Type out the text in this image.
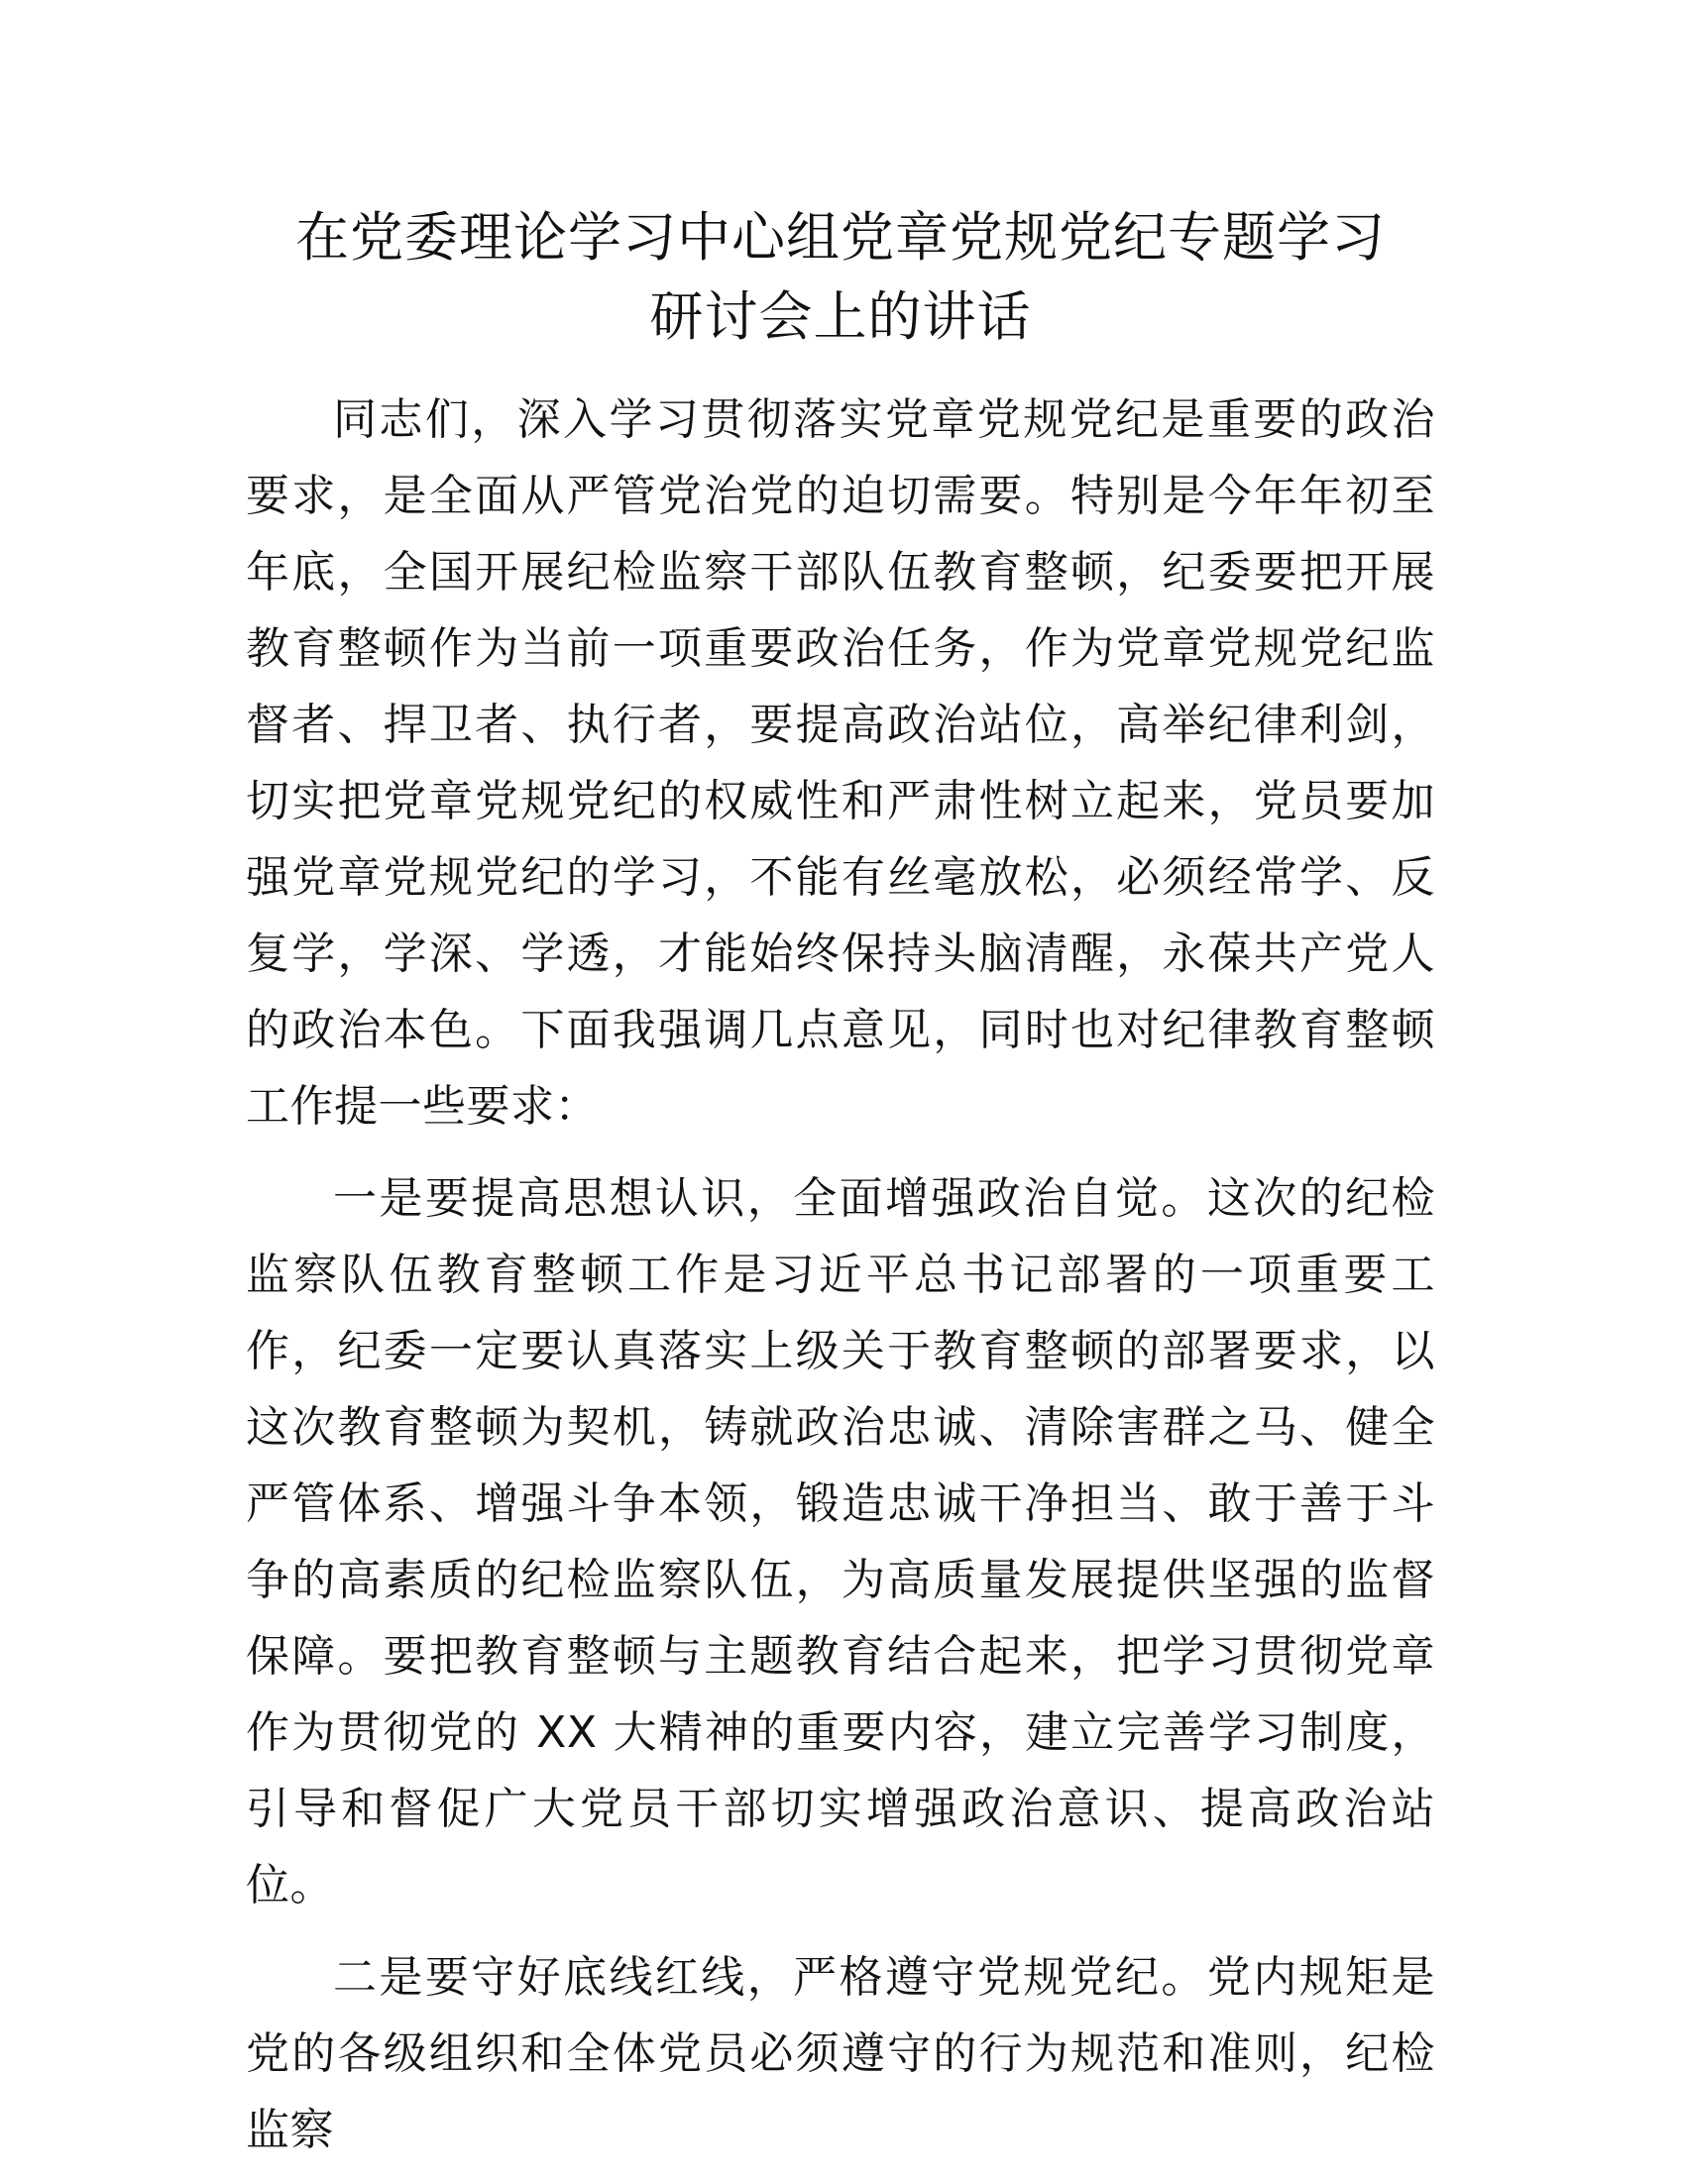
在党委理论学习中心组党章党规党纪专题学习
研讨会上的讲话

同志们，深入学习贯彻落实党章党规党纪是重要的政治要求，是全面从严管党治党的迫切需要。特别是今年年初至年底，全国开展纪检监察干部队伍教育整顿，纪委要把开展教育整顿作为当前一项重要政治任务，作为党章党规党纪监督者、捍卫者、执行者，要提高政治站位，高举纪律利剑，切实把党章党规党纪的权威性和严肃性树立起来，党员要加强党章党规党纪的学习，不能有丝毫放松，必须经常学、反复学，学深、学透，才能始终保持头脑清醒，永葆共产党人的政治本色。下面我强调几点意见，同时也对纪律教育整顿工作提一些要求：

一是要提高思想认识，全面增强政治自觉。这次的纪检监察队伍教育整顿工作是习近平总书记部署的一项重要工作，纪委一定要认真落实上级关于教育整顿的部署要求，以这次教育整顿为契机，铸就政治忠诚、清除害群之马、健全严管体系、增强斗争本领，锻造忠诚干净担当、敢于善于斗争的高素质的纪检监察队伍，为高质量发展提供坚强的监督保障。要把教育整顿与主题教育结合起来，把学习贯彻党章作为贯彻党的 XX 大精神的重要内容，建立完善学习制度，引导和督促广大党员干部切实增强政治意识、提高政治站位。

二是要守好底线红线，严格遵守党规党纪。党内规矩是党的各级组织和全体党员必须遵守的行为规范和准则，纪检监察
